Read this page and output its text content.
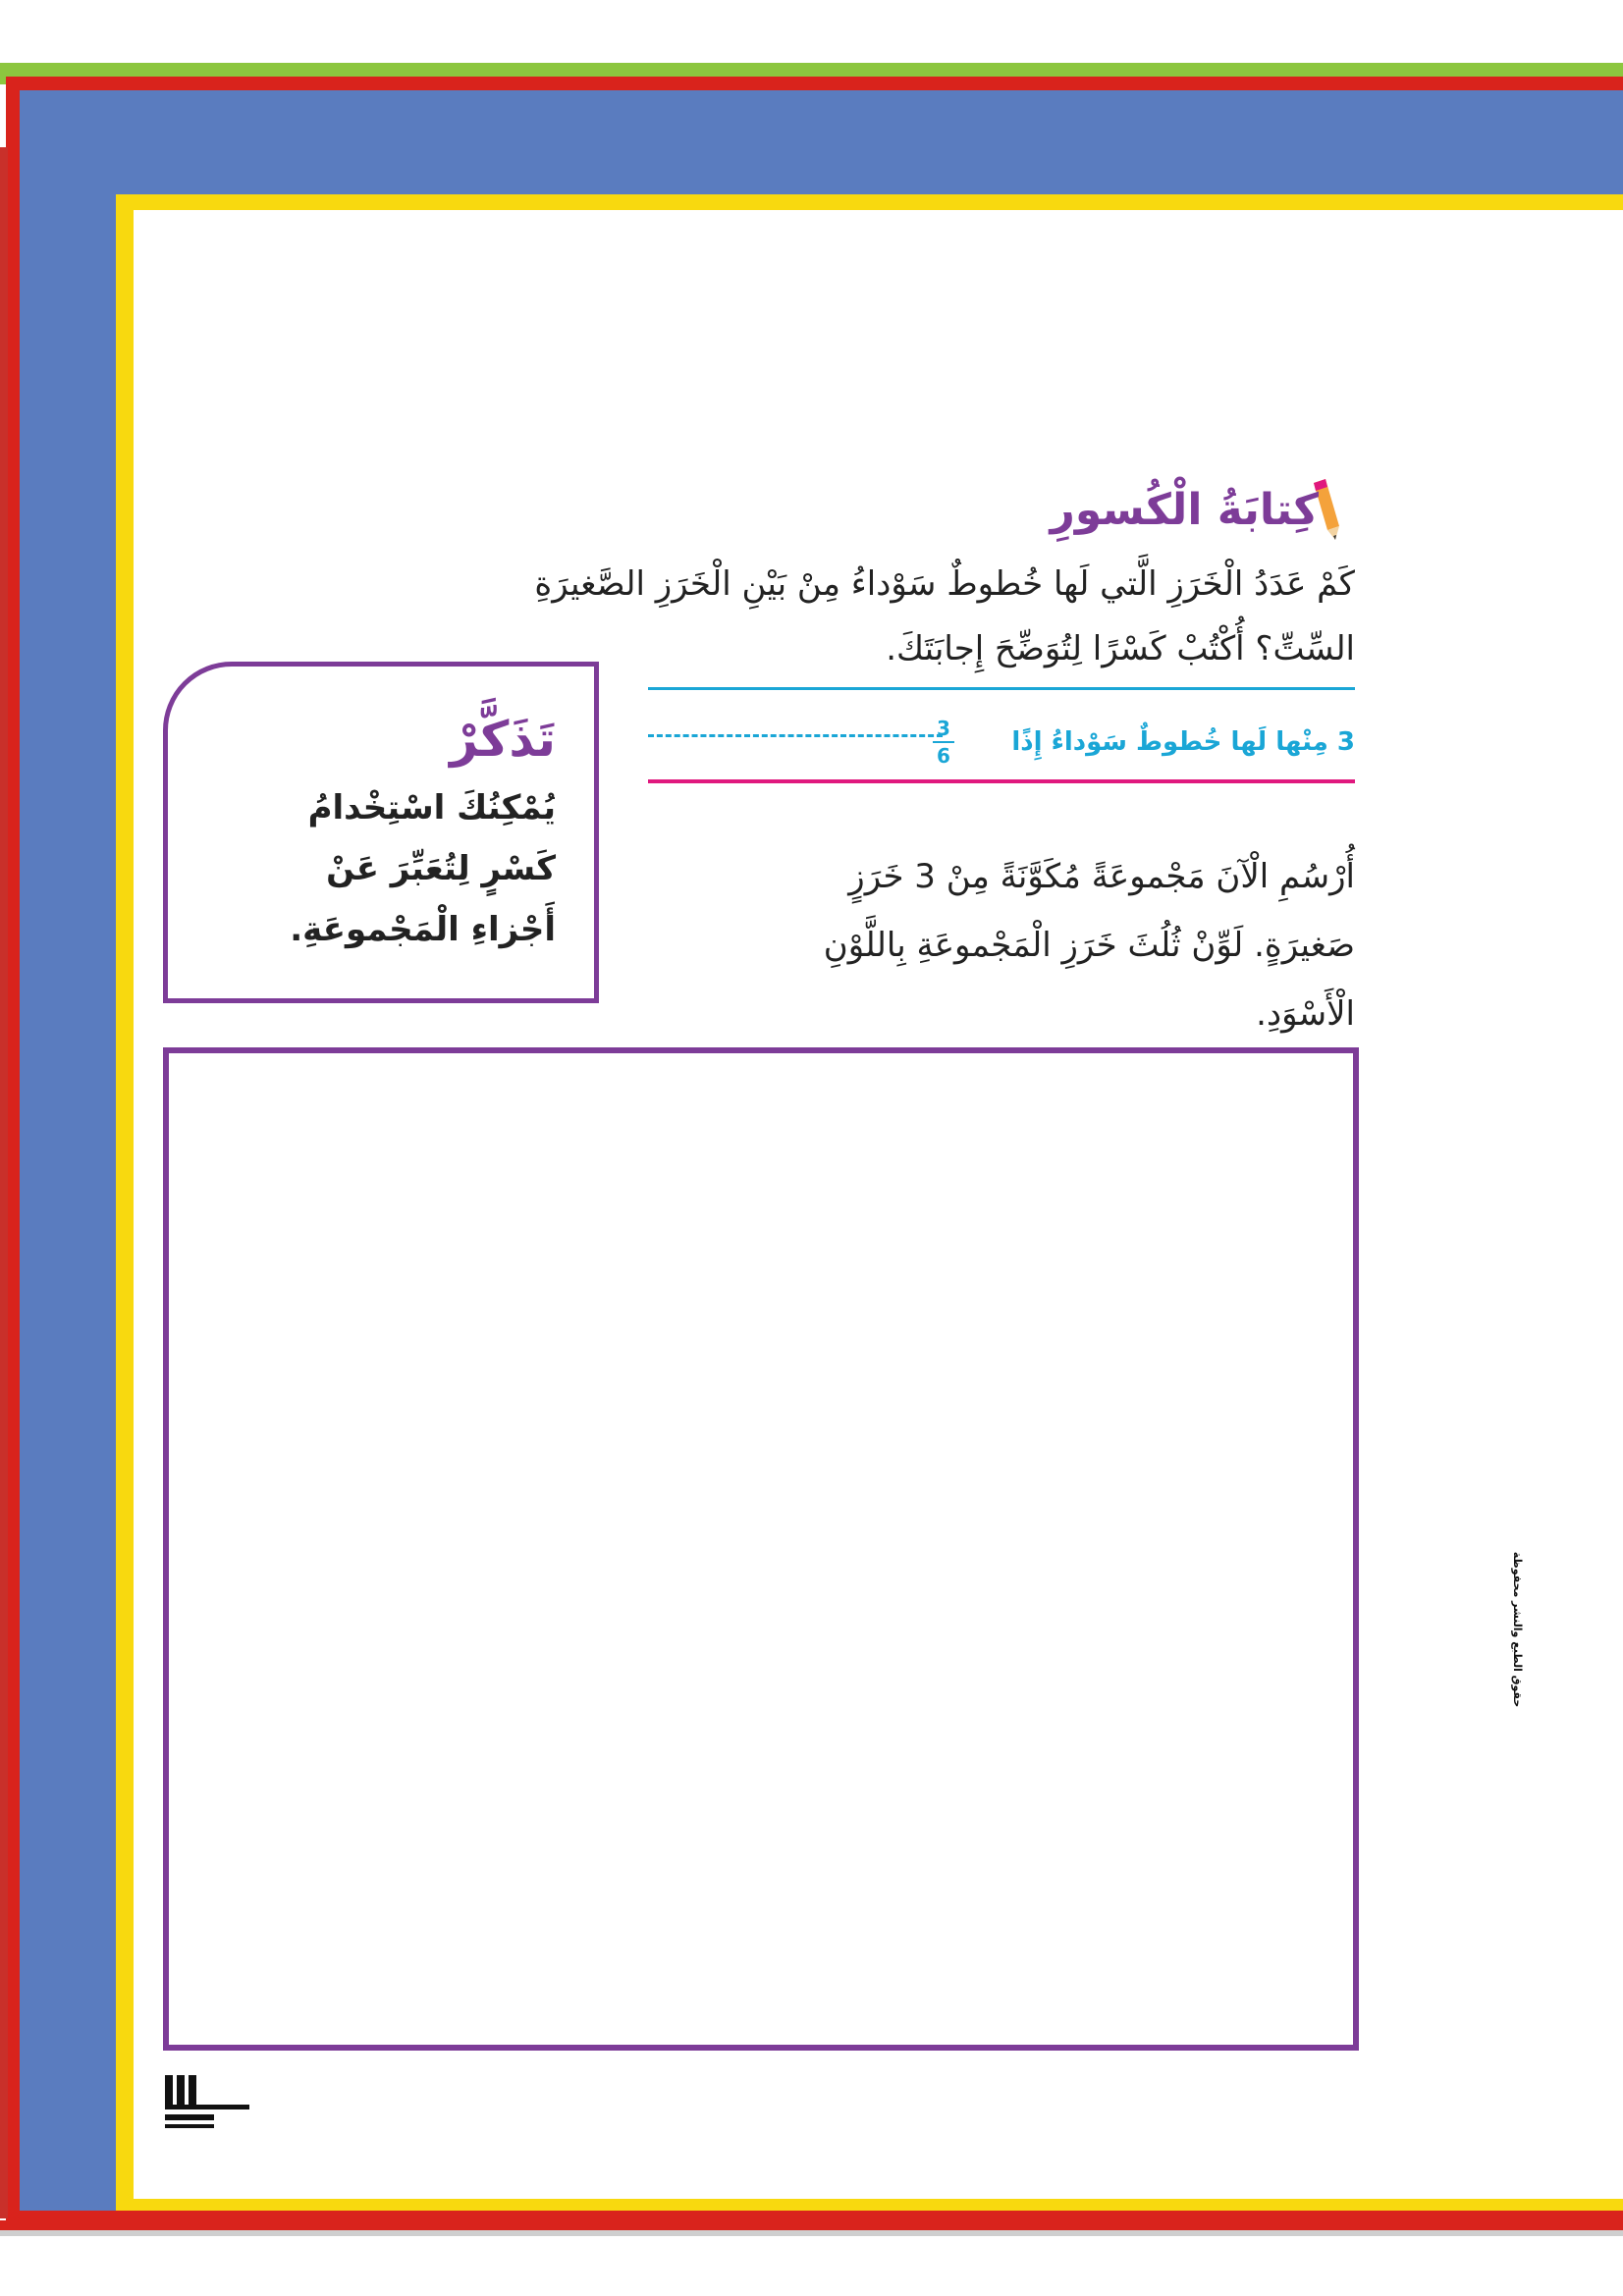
كِتابَةُ الْكُسورِ
كَمْ عَدَدُ الْخَرَزِ الَّتي لَها خُطوطٌ سَوْداءُ مِنْ بَيْنِ الْخَرَزِ الصَّغيرَةِ
السِّتِّ؟ أُكْتُبْ كَسْرًا لِتُوَضِّحَ إِجابَتَكَ.
3 مِنْها لَها خُطوطٌ سَوْداءُ إِذًا
3
6
تَذَكَّرْ
يُمْكِنُكَ اسْتِخْدامُ
كَسْرٍ لِتُعَبِّرَ عَنْ
أَجْزاءِ الْمَجْموعَةِ.
أُرْسُمِ الْآنَ مَجْموعَةً مُكَوَّنَةً مِنْ 3 خَرَزٍ
صَغيرَةٍ. لَوِّنْ ثُلُثَ خَرَزِ الْمَجْموعَةِ بِاللَّوْنِ
الْأَسْوَدِ.
حقوق الطبع والنشر محفوظة
